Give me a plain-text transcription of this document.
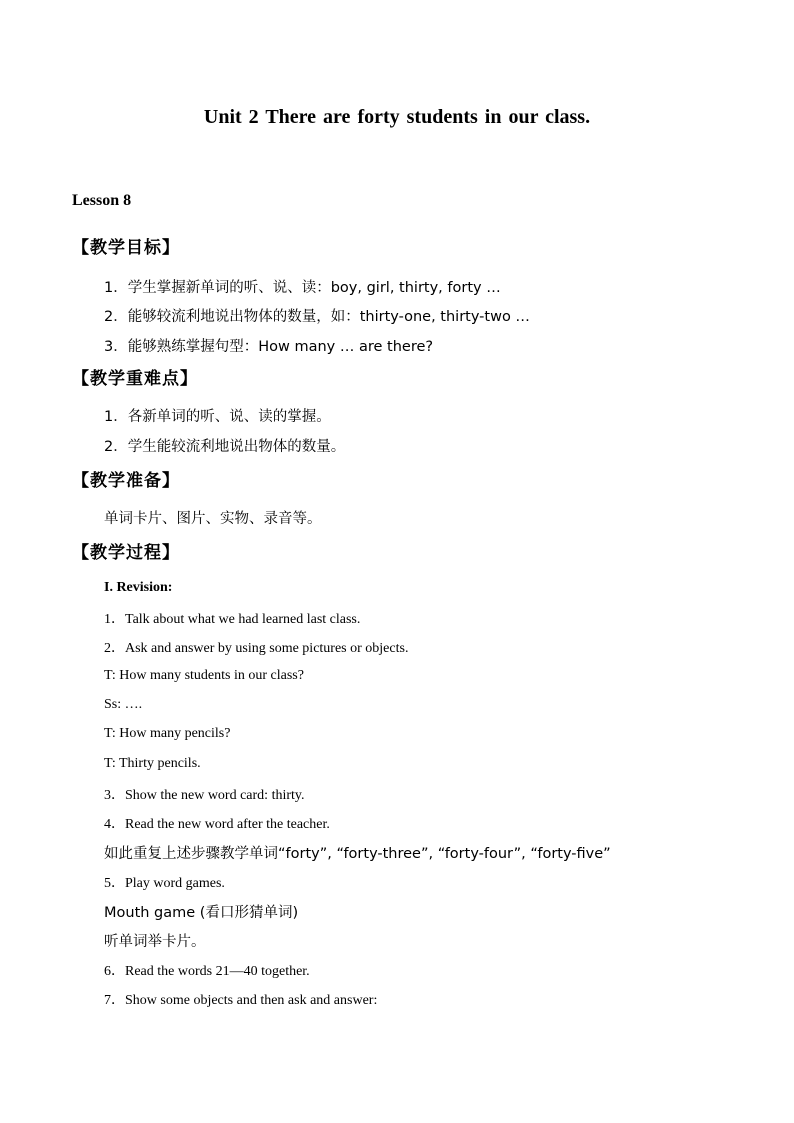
Unit 2 There are forty students in our class.
Lesson 8
【教学目标】
1．学生掌握新单词的听、说、读：boy, girl, thirty, forty …
2．能够较流利地说出物体的数量，如：thirty-one, thirty-two …
3．能够熟练掌握句型：How many … are there?
【教学重难点】
1．各新单词的听、说、读的掌握。
2．学生能较流利地说出物体的数量。
【教学准备】
单词卡片、图片、实物、录音等。
【教学过程】
I. Revision:
1．Talk about what we had learned last class.
2．Ask and answer by using some pictures or objects.
T: How many students in our class?
Ss: ….
T: How many pencils?
T: Thirty pencils.
3．Show the new word card: thirty.
4．Read the new word after the teacher.
如此重复上述步骤教学单词“forty”, “forty-three”, “forty-four”, “forty-five”
5．Play word games.
Mouth game (看口形猜单词)
听单词举卡片。
6．Read the words 21—40 together.
7．Show some objects and then ask and answer:
